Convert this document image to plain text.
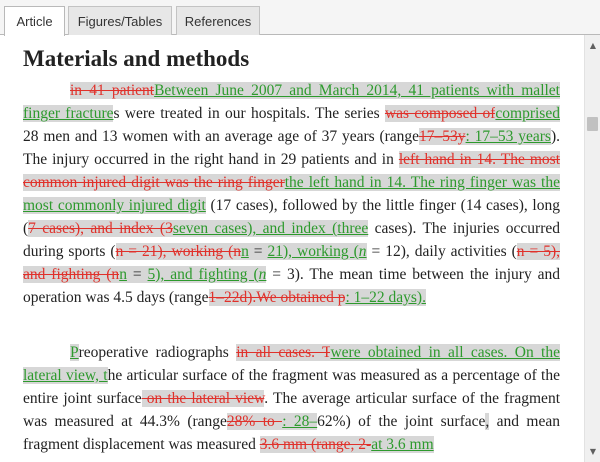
Article	Figures/Tables	References
Materials and methods

in 41 patientBetween June 2007 and March 2014, 41 patients with mallet finger fractures were treated in our hospitals. The series was composed ofcomprised 28 men and 13 women with an average age of 37 years (range17–53y: 17–53 years). The injury occurred in the right hand in 29 patients and in left hand in 14. The most common injured digit was the ring fingerthe left hand in 14. The ring finger was the most commonly injured digit (17 cases), followed by the little finger (14 cases), long (7 cases), and index (3seven cases), and index (three cases). The injuries occurred during sports (n = 21), working (nn = 21), working (n = 12), daily activities (n = 5), and fighting (nn = 5), and fighting (n = 3). The mean time between the injury and operation was 4.5 days (range1–22d).We obtained p: 1–22 days).

Preoperative radiographs in all cases. Twere obtained in all cases. On the lateral view, the articular surface of the fragment was measured as a percentage of the entire joint surface on the lateral view. The average articular surface of the fragment was measured at 44.3% (range28% to : 28–62%) of the joint surface, and mean fragment displacement was measured 3.6 mm (range, 2-at 3.6 mm

▲
▼
